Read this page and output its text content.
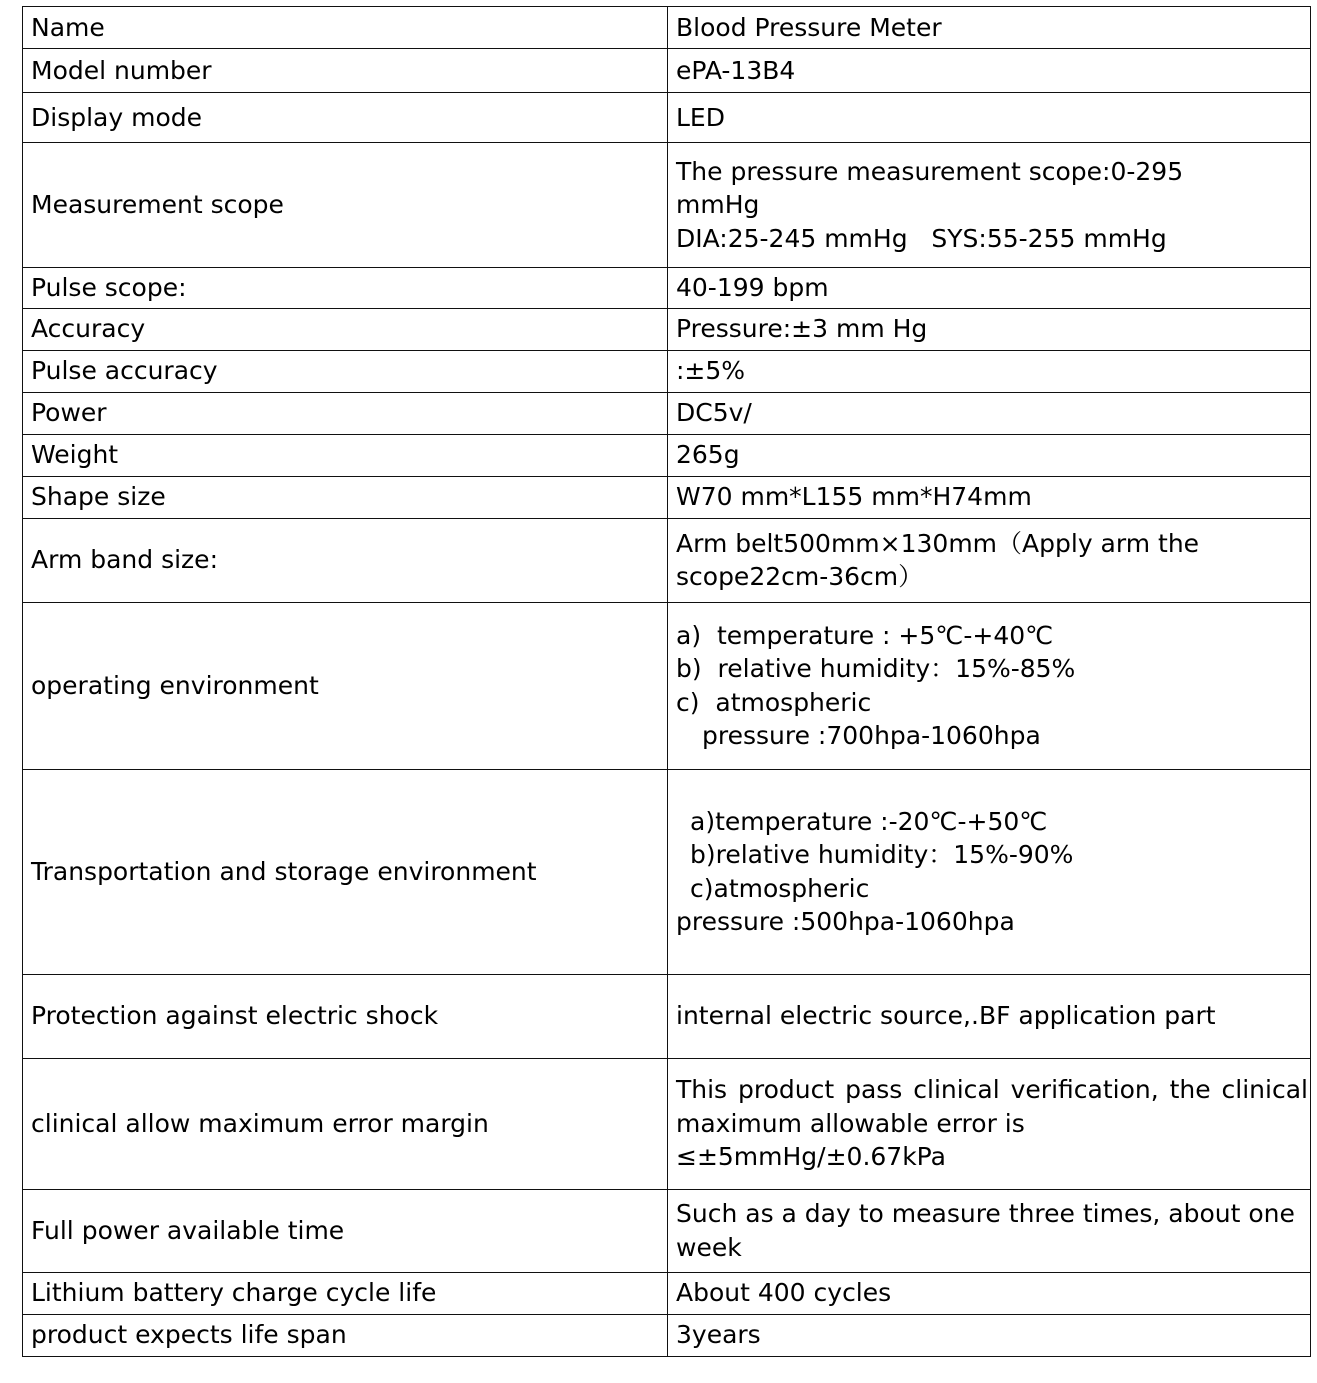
Name	Blood Pressure Meter
Model number	ePA-13B4
Display mode	LED
Measurement scope	The pressure measurement scope:0-295
mmHg
DIA:25-245 mmHg   SYS:55-255 mmHg

Pulse scope:	40-199 bpm
Accuracy	Pressure:±3 mm Hg
Pulse accuracy	:±5%
Power	DC5v/
Weight	265g
Shape size	W70 mm*L155 mm*H74mm
Arm band size:	Arm belt500mm×130mm（Apply arm the
scope22cm-36cm）

operating environment	a)  temperature : +5℃-+40℃
b)  relative humidity：15%-85%
c)  atmospheric
pressure :700hpa-1060hpa

Transportation and storage environment	a)temperature :-20℃-+50℃
b)relative humidity：15%-90%
c)atmospheric
pressure :500hpa-1060hpa

Protection against electric shock	internal electric source,.BF application part
clinical allow maximum error margin	This product pass clinical verification, the clinical maximum allowable error is
≤±5mmHg/±0.67kPa

Full power available time	Such as a day to measure three times, about one week
Lithium battery charge cycle life	About 400 cycles
product expects life span	3years
